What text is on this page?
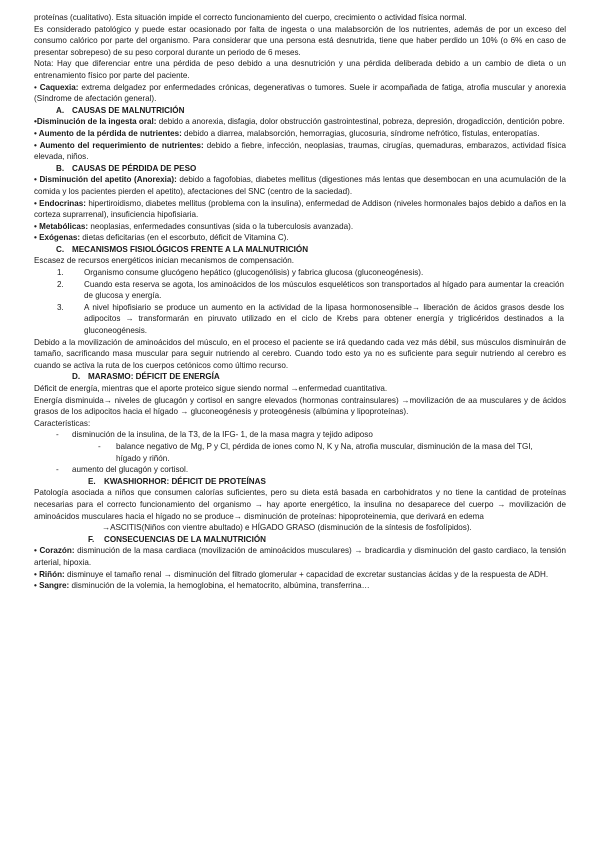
proteínas (cualitativo). Esta situación impide el correcto funcionamiento del cuerpo, crecimiento o actividad física normal.

Es considerado patológico y puede estar ocasionado por falta de ingesta o una malabsorción de los nutrientes, además de por un exceso del consumo calórico por parte del organismo. Para considerar que una persona está desnutrida, tiene que haber perdido un 10% (o 6% en caso de presentar sobrepeso) de su peso corporal durante un periodo de 6 meses.

Nota: Hay que diferenciar entre una pérdida de peso debido a una desnutrición y una pérdida deliberada debido a un cambio de dieta o un entrenamiento físico por parte del paciente.

• Caquexia: extrema delgadez por enfermedades crónicas, degenerativas o tumores. Suele ir acompañada de fatiga, atrofia muscular y anorexia (Síndrome de afectación general).

A. CAUSAS DE MALNUTRICIÓN

•Disminución de la ingesta oral: debido a anorexia, disfagia, dolor obstrucción gastrointestinal, pobreza, depresión, drogadicción, dentición pobre.

• Aumento de la pérdida de nutrientes: debido a diarrea, malabsorción, hemorragias, glucosuria, síndrome nefrótico, fístulas, enteropatías.

• Aumento del requerimiento de nutrientes: debido a fiebre, infección, neoplasias, traumas, cirugías, quemaduras, embarazos, actividad física elevada, niños.

B. CAUSAS DE PÉRDIDA DE PESO

• Disminución del apetito (Anorexia): debido a fagofobias, diabetes mellitus (digestiones más lentas que desembocan en una acumulación de la comida y los pacientes pierden el apetito), afectaciones del SNC (centro de la saciedad).

• Endocrinas: hipertiroidismo, diabetes mellitus (problema con la insulina), enfermedad de Addison (niveles hormonales bajos debido a daños en la corteza suprarrenal), insuficiencia hipofisiaria.

• Metabólicas: neoplasias, enfermedades consuntivas (sida o la tuberculosis avanzada).

• Exógenas: dietas deficitarias (en el escorbuto, déficit de Vitamina C).

C. MECANISMOS FISIOLÓGICOS FRENTE A LA MALNUTRICIÓN

Escasez de recursos energéticos inician mecanismos de compensación.

1. Organismo consume glucógeno hepático (glucogenólisis) y fabrica glucosa (gluconeogénesis).
2. Cuando esta reserva se agota, los aminoácidos de los músculos esqueléticos son transportados al hígado para aumentar la creación de glucosa y energía.
3. A nivel hipofisiario se produce un aumento en la actividad de la lipasa hormonosensible→ liberación de ácidos grasos desde los adipocitos → transformarán en piruvato utilizado en el ciclo de Krebs para obtener energía y triglicéridos destinados a la gluconeogénesis.

Debido a la movilización de aminoácidos del músculo, en el proceso el paciente se irá quedando cada vez más débil, sus músculos disminuirán de tamaño, sacrificando masa muscular para seguir nutriendo al cerebro. Cuando todo esto ya no es suficiente para seguir nutriendo al cerebro es cuando se activa la ruta de los cuerpos cetónicos como último recurso.

D. MARASMO: DÉFICIT DE ENERGÍA

Déficit de energía, mientras que el aporte proteico sigue siendo normal →enfermedad cuantitativa.

Energía disminuida→ niveles de glucagón y cortisol en sangre elevados (hormonas contrainsulares) →movilización de aa musculares y de ácidos grasos de los adipocitos hacia el hígado → gluconeogénesis y proteogénesis (albúmina y lipoproteínas).

Características:

- disminución de la insulina, de la T3, de la IFG- 1, de la masa magra y tejido adiposo
- balance negativo de Mg, P y Cl, pérdida de iones como N, K y Na, atrofia muscular, disminución de la masa del TGI, hígado y riñón.
- aumento del glucagón y cortisol.
E. KWASHIORHOR: DÉFICIT DE PROTEÍNAS

Patología asociada a niños que consumen calorías suficientes, pero su dieta está basada en carbohidratos y no tiene la cantidad de proteínas necesarias para el correcto funcionamiento del organismo → hay aporte energético, la insulina no desaparece del cuerpo → movilización de aminoácidos musculares hacia el hígado no se produce→ disminución de proteínas: hipoproteinemia, que derivará en edema

→ASCITIS(Niños con vientre abultado) e HÍGADO GRASO (disminución de la síntesis de fosfolípidos).

F. CONSECUENCIAS DE LA MALNUTRICIÓN

• Corazón: disminución de la masa cardiaca (movilización de aminoácidos musculares) → bradicardia y disminución del gasto cardiaco, la tensión arterial, hipoxia.

• Riñón: disminuye el tamaño renal → disminución del filtrado glomerular + capacidad de excretar sustancias ácidas y de la respuesta de ADH.

• Sangre: disminución de la volemia, la hemoglobina, el hematocrito, albúmina, transferrina…
